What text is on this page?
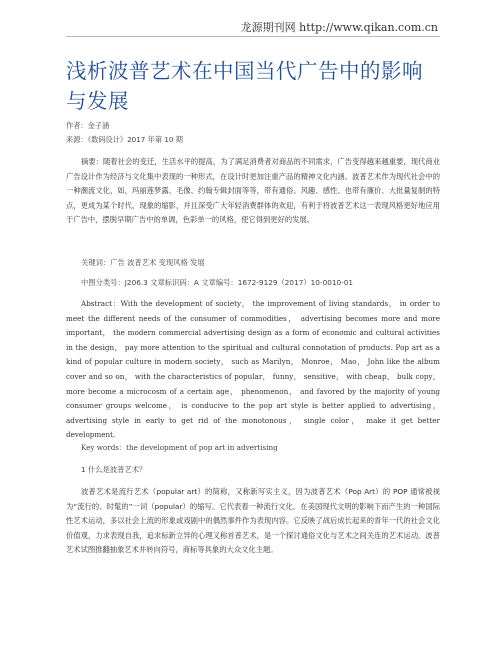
龙源期刊网 http://www.qikan.com.cn
浅析波普艺术在中国当代广告中的影响与发展
作者：金子涵
来源：《数码设计》2017 年第 10 期

摘要：随着社会的变迁，生活水平的提高，为了满足消费者对商品的不同需求，广告变得越来越重要，现代商业广告设计作为经济与文化集中表现的一种形式，在设计时更加注重产品的精神文化内涵。波普艺术作为现代社会中的一种潮流文化，如，玛丽莲梦露、毛像、约翰专辑封面等等，带有通俗、风趣、感性、也带有廉价、大批量复制的特点，更成为某个时代、现象的缩影，并且深受广大年轻消费群体的欢迎，有利于将波普艺术这一表现风格更好地应用于广告中，摆脱早期广告中的单调，色彩单一的风格，使它得到更好的发展。

关键词：广告 波普艺术 变现风格 发展
中图分类号：J206.3 文章标识码：A 文章编号：1672-9129（2017）10-0010-01

Abstract：With the development of society， the improvement of living standards， in order to meet the different needs of the consumer of commodities， advertising becomes more and more important， the modern commercial advertising design as a form of economic and cultural activities in the design， pay more attention to the spiritual and cultural connotation of products. Pop art as a kind of popular culture in modern society， such as Marilyn， Monroe， Mao， John like the album cover and so on， with the characteristics of popular， funny， sensitive， with cheap， bulk copy， more become a microcosm of a certain age， phenomenon， and favored by the majority of young consumer groups welcome， is conducive to the pop art style is better applied to advertising， advertising style in early to get rid of the monotonous， single color， make it get better development.

Key words：the development of pop art in advertising
1 什么是波普艺术？

波普艺术是流行艺术（popular art）的简称，又称新写实主义，因为波普艺术（Pop Art）的 POP 通常被视为“流行的、时髦的”一词（popular）的缩写。它代表着一种流行文化。在美国现代文明的影响下而产生的一种国际性艺术运动，多以社会上流的形象或戏剧中的偶然事件作为表现内容。它反映了战后成长起来的青年一代的社会文化价值观，力求表现自我，追求标新立异的心理又称首普艺术，是一个探讨通俗文化与艺术之间关连的艺术运动。波普艺术试图推翻抽象艺术并转向符号，商标等具象的大众文化主题。
